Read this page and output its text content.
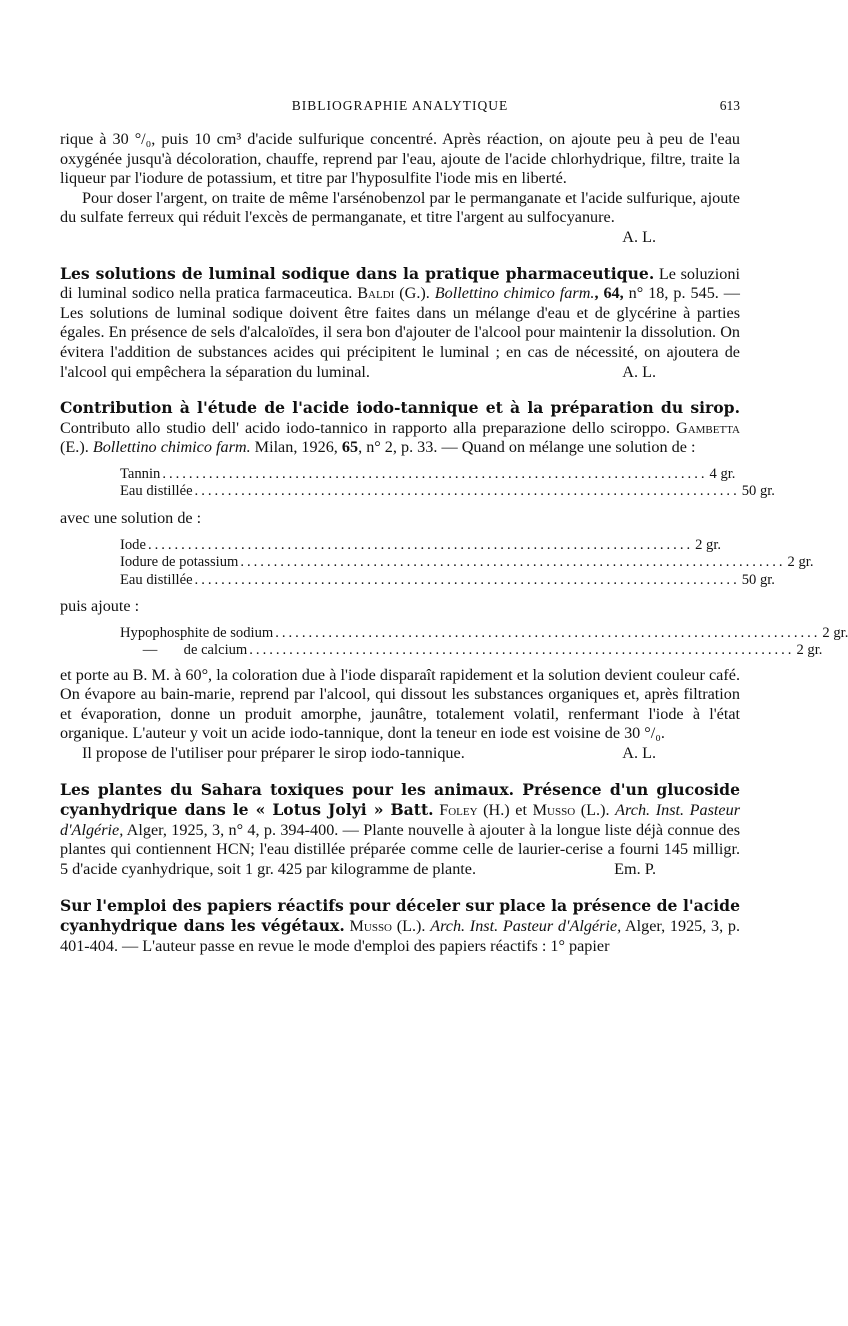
BIBLIOGRAPHIE ANALYTIQUE	613

rique à 30 °/₀, puis 10 cm³ d'acide sulfurique concentré. Après réaction, on ajoute peu à peu de l'eau oxygénée jusqu'à décoloration, chauffe, reprend par l'eau, ajoute de l'acide chlorhydrique, filtre, traite la liqueur par l'iodure de potassium, et titre par l'hyposulfite l'iode mis en liberté.

Pour doser l'argent, on traite de même l'arsénobenzol par le permanganate et l'acide sulfurique, ajoute du sulfate ferreux qui réduit l'excès de permanganate, et titre l'argent au sulfocyanure.
A. L.

Les solutions de luminal sodique dans la pratique pharmaceutique. Le soluzioni di luminal sodico nella pratica farmaceutica. Baldi (G.). Bollettino chimico farm., 64, n° 18, p. 545. — Les solutions de luminal sodique doivent être faites dans un mélange d'eau et de glycérine à parties égales. En présence de sels d'alcaloïdes, il sera bon d'ajouter de l'alcool pour maintenir la dissolution. On évitera l'addition de substances acides qui précipitent le luminal ; en cas de nécessité, on ajoutera de l'alcool qui empêchera la séparation du luminal.	A. L.

Contribution à l'étude de l'acide iodo-tannique et à la préparation du sirop. Contributo allo studio dell' acido iodo-tannico in rapporto alla preparazione dello sciroppo. Gambetta (E.). Bollettino chimico farm. Milan, 1926, 65, n° 2, p. 33. — Quand on mélange une solution de :

Tannin .................................................................................. 4 gr.
Eau distillée .................................................................................. 50 gr.

avec une solution de :

Iode .................................................................................. 2 gr.
Iodure de potassium .................................................................................. 2 gr.
Eau distillée .................................................................................. 50 gr.

puis ajoute :

Hypophosphite de sodium .................................................................................. 2 gr.
— de calcium .................................................................................. 2 gr.

et porte au B. M. à 60°, la coloration due à l'iode disparaît rapidement et la solution devient couleur café. On évapore au bain-marie, reprend par l'alcool, qui dissout les substances organiques et, après filtration et évaporation, donne un produit amorphe, jaunâtre, totalement volatil, renfermant l'iode à l'état organique. L'auteur y voit un acide iodo-tannique, dont la teneur en iode est voisine de 30 °/₀.

Il propose de l'utiliser pour préparer le sirop iodo-tannique.	A. L.

Les plantes du Sahara toxiques pour les animaux. Présence d'un glucoside cyanhydrique dans le « Lotus Jolyi » Batt. Foley (H.) et Musso (L.). Arch. Inst. Pasteur d'Algérie, Alger, 1925, 3, n° 4, p. 394-400. — Plante nouvelle à ajouter à la longue liste déjà connue des plantes qui contiennent HCN; l'eau distillée préparée comme celle de laurier-cerise a fourni 145 milligr. 5 d'acide cyanhydrique, soit 1 gr. 425 par kilogramme de plante.	Em. P.

Sur l'emploi des papiers réactifs pour déceler sur place la présence de l'acide cyanhydrique dans les végétaux. Musso (L.). Arch. Inst. Pasteur d'Algérie, Alger, 1925, 3, p. 401-404. — L'auteur passe en revue le mode d'emploi des papiers réactifs : 1° papier
